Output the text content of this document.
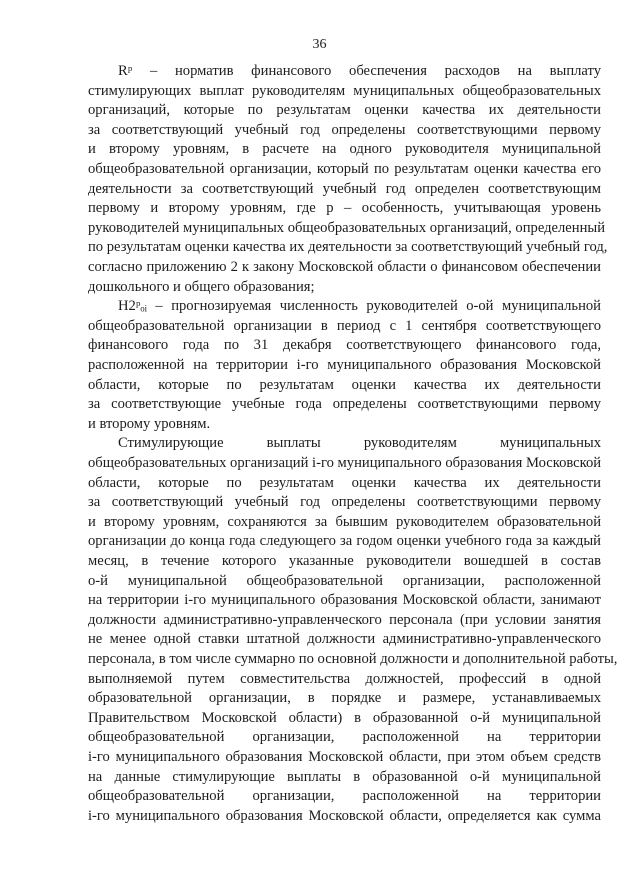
36
Rᵖ – норматив финансового обеспечения расходов на выплату
стимулирующих выплат руководителям муниципальных общеобразовательных
организаций, которые по результатам оценки качества их деятельности
за соответствующий учебный год определены соответствующими первому
и второму уровням, в расчете на одного руководителя муниципальной
общеобразовательной организации, который по результатам оценки качества его
деятельности за соответствующий учебный год определен соответствующим
первому и второму уровням, где p – особенность, учитывающая уровень
руководителей муниципальных общеобразовательных организаций, определенный
по результатам оценки качества их деятельности за соответствующий учебный год,
согласно приложению 2 к закону Московской области о финансовом обеспечении
дошкольного и общего образования;
Н2ᵖₒᵢ – прогнозируемая численность руководителей о-ой муниципальной
общеобразовательной организации в период с 1 сентября соответствующего
финансового года по 31 декабря соответствующего финансового года,
расположенной на территории i-го муниципального образования Московской
области, которые по результатам оценки качества их деятельности
за соответствующие учебные года определены соответствующими первому
и второму уровням.
Стимулирующие выплаты руководителям муниципальных
общеобразовательных организаций i-го муниципального образования Московской
области, которые по результатам оценки качества их деятельности
за соответствующий учебный год определены соответствующими первому
и второму уровням, сохраняются за бывшим руководителем образовательной
организации до конца года следующего за годом оценки учебного года за каждый
месяц, в течение которого указанные руководители вошедшей в состав
о-й муниципальной общеобразовательной организации, расположенной
на территории i-го муниципального образования Московской области, занимают
должности административно-управленческого персонала (при условии занятия
не менее одной ставки штатной должности административно-управленческого
персонала, в том числе суммарно по основной должности и дополнительной работы,
выполняемой путем совместительства должностей, профессий в одной
образовательной организации, в порядке и размере, устанавливаемых
Правительством Московской области) в образованной о-й муниципальной
общеобразовательной организации, расположенной на территории
i-го муниципального образования Московской области, при этом объем средств
на данные стимулирующие выплаты в образованной о-й муниципальной
общеобразовательной организации, расположенной на территории
i-го муниципального образования Московской области, определяется как сумма
